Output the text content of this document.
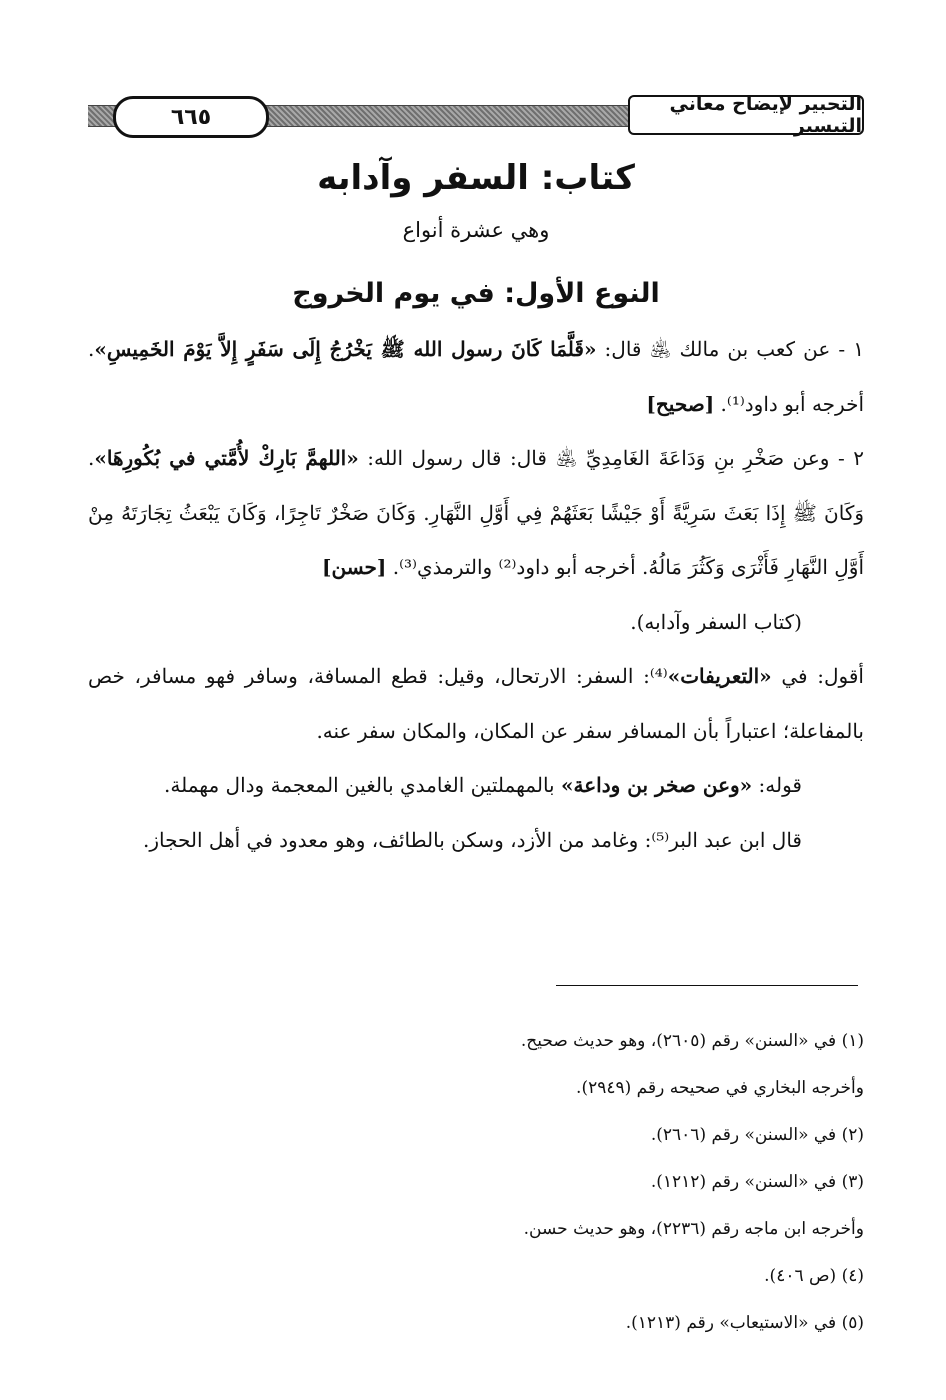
٦٦٥
التحبير لإيضاح معاني التيسير
كتاب: السفر وآدابه
وهي عشرة أنواع
النوع الأول: في يوم الخروج

١ - عن كعب بن مالك ﵁ قال: «قَلَّمَا كَانَ رسول الله ﷺ يَخْرُجُ إِلَى سَفَرٍ إِلاَّ يَوْمَ الخَمِيسِ». أخرجه أبو داود⁽¹⁾. [صحيح]

٢ - وعن صَخْرِ بنِ وَدَاعَةَ الغَامِدِيِّ ﵁ قال: قال رسول الله: «اللهمَّ بَارِكْ لأُمَّتي في بُكُورِهَا». وَكَانَ ﷺ إِذَا بَعَثَ سَرِيَّةً أَوْ جَيْشًا بَعَثَهُمْ فِي أَوَّلِ النَّهَارِ. وَكَانَ صَخْرٌ تَاجِرًا، وَكَانَ يَبْعَثُ تِجَارَتَهُ مِنْ أَوَّلِ النَّهَارِ فَأَثْرَى وَكَثُرَ مَالُهُ. أخرجه أبو داود⁽²⁾ والترمذي⁽³⁾. [حسن]

(كتاب السفر وآدابه).

أقول: في «التعريفات»⁽⁴⁾: السفر: الارتحال، وقيل: قطع المسافة، وسافر فهو مسافر، خص بالمفاعلة؛ اعتباراً بأن المسافر سفر عن المكان، والمكان سفر عنه.

قوله: «وعن صخر بن وداعة» بالمهملتين الغامدي بالغين المعجمة ودال مهملة.

قال ابن عبد البر⁽⁵⁾: وغامد من الأزد، وسكن بالطائف، وهو معدود في أهل الحجاز.

(١) في «السنن» رقم (٢٦٠٥)، وهو حديث صحيح.

وأخرجه البخاري في صحيحه رقم (٢٩٤٩).

(٢) في «السنن» رقم (٢٦٠٦).

(٣) في «السنن» رقم (١٢١٢).

وأخرجه ابن ماجه رقم (٢٢٣٦)، وهو حديث حسن.

(٤) (ص ٤٠٦).

(٥) في «الاستيعاب» رقم (١٢١٣).
